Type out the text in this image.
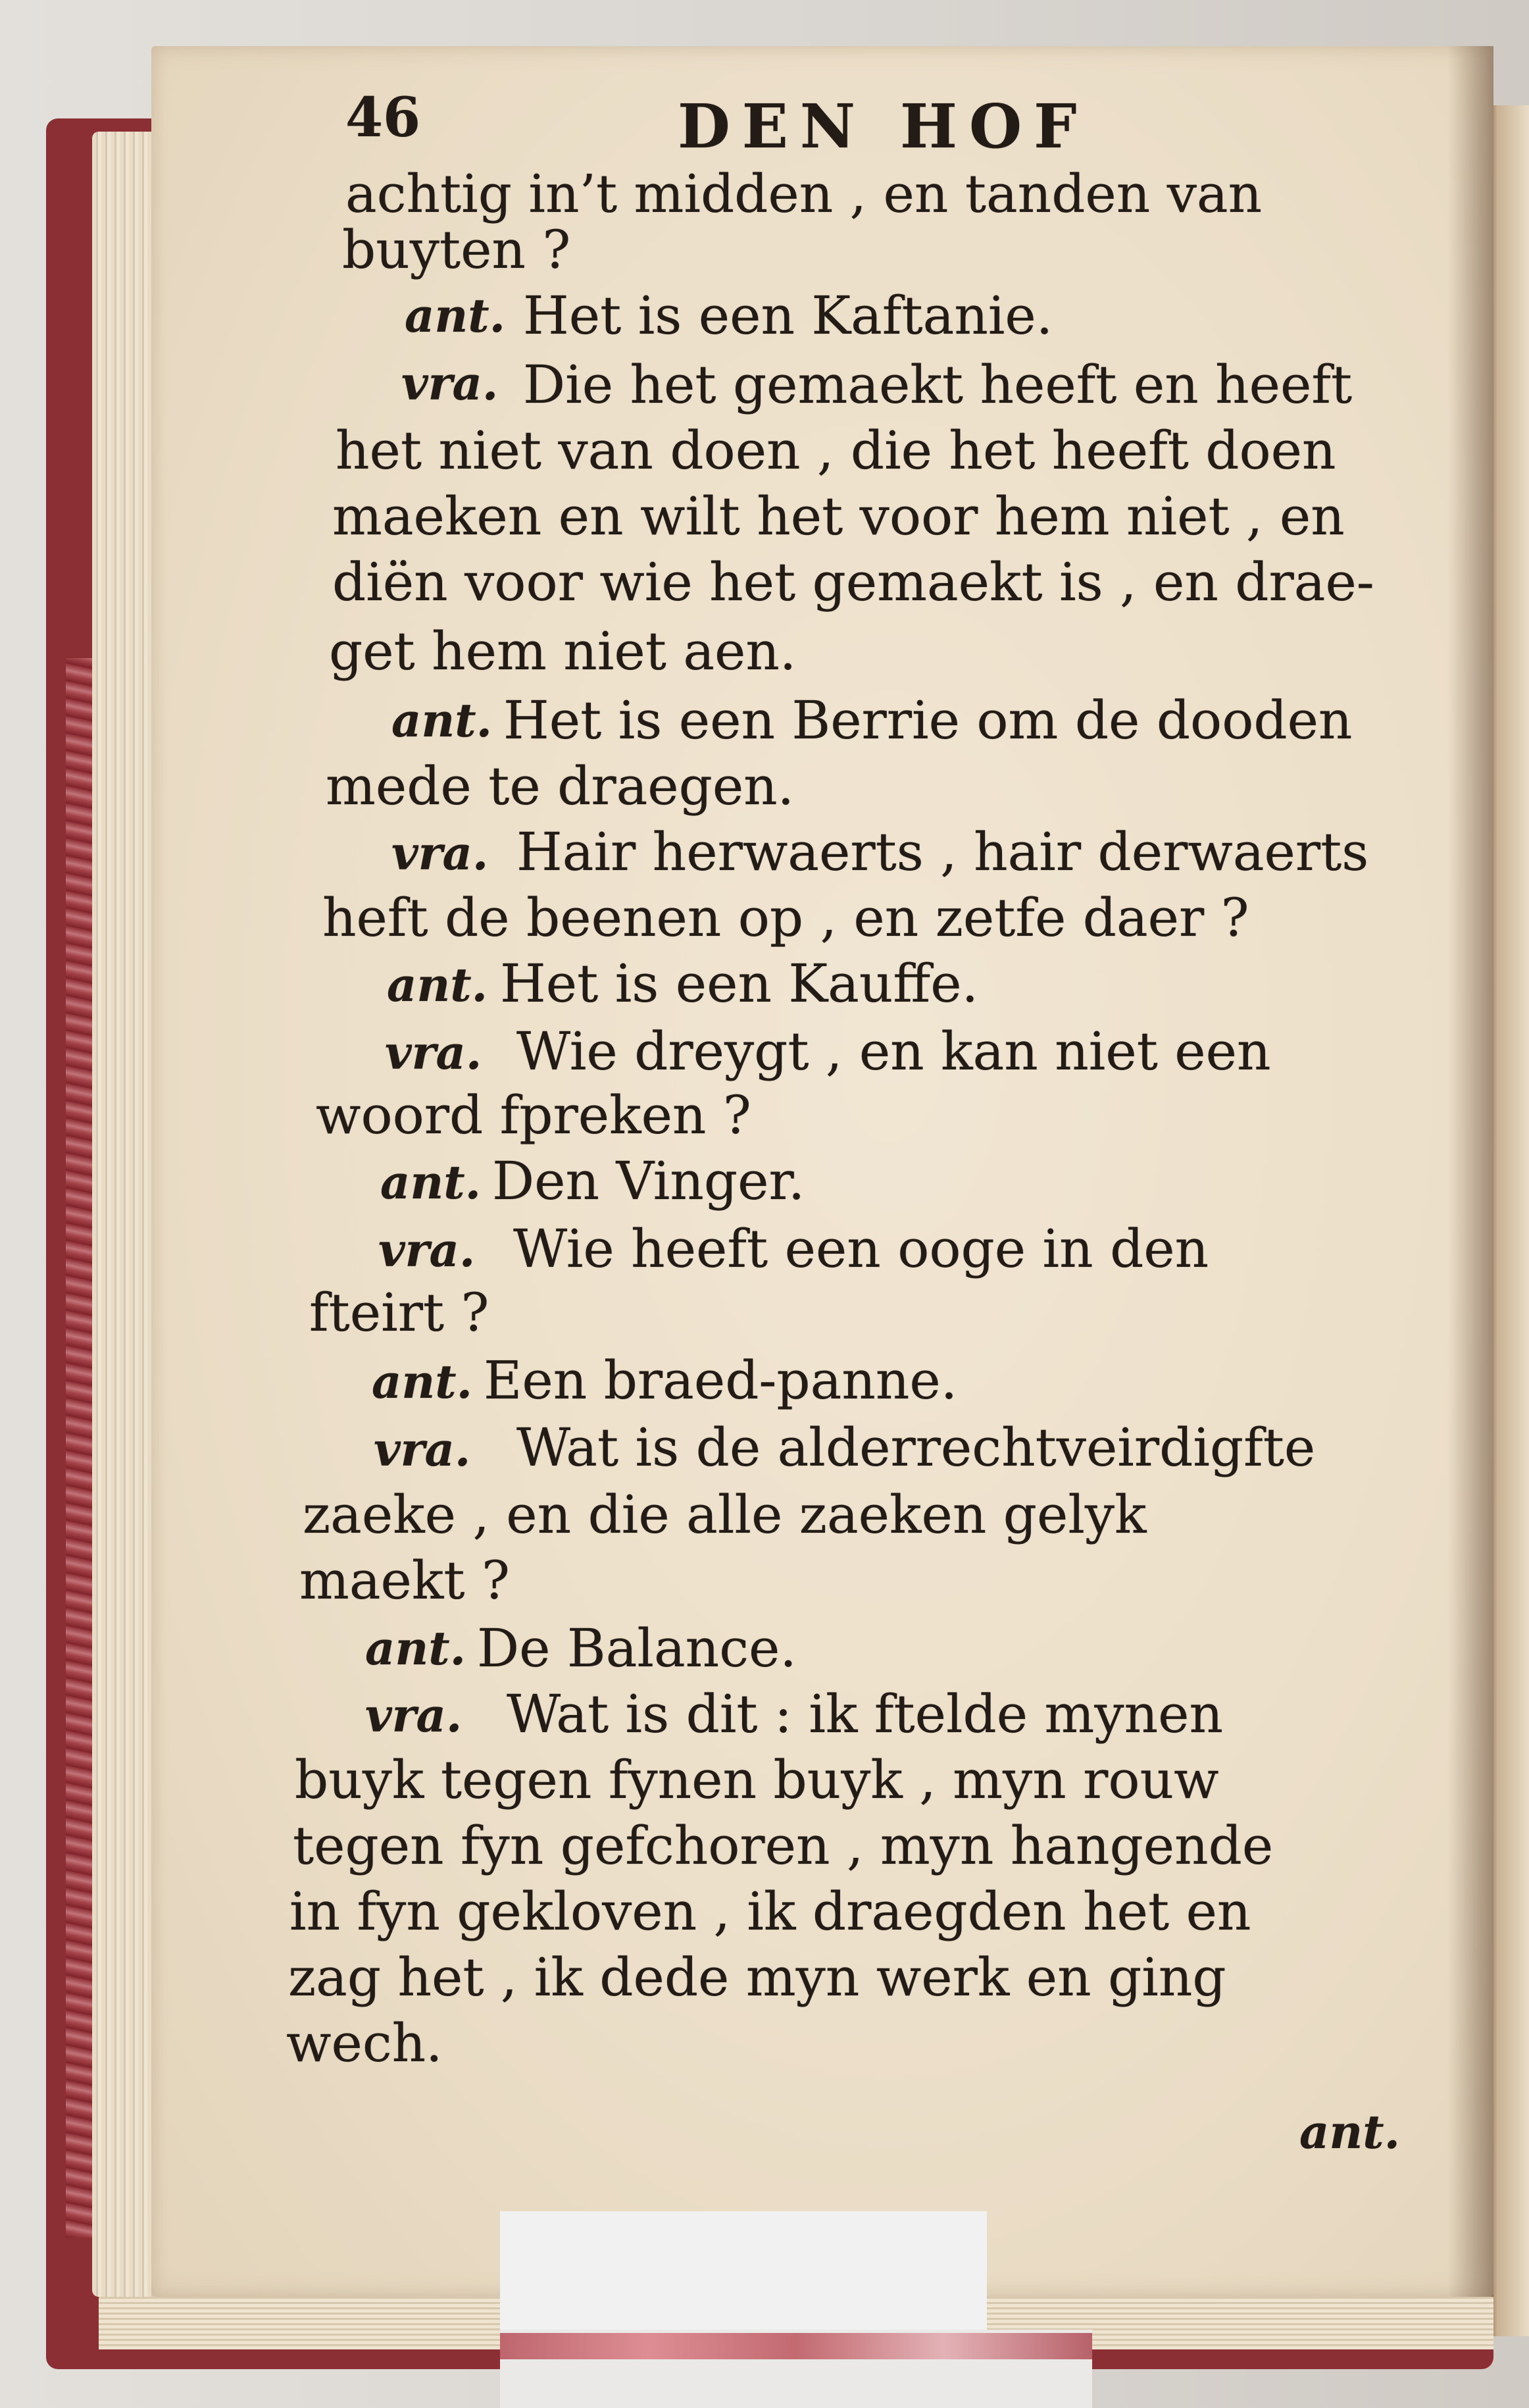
46	DEN HOF
achtig in’t midden , en tanden van
buyten ?
ant. Het is een Kaftanie.
vra. Die het gemaekt heeft en heeft
het niet van doen , die het heeft doen
maeken en wilt het voor hem niet , en
diën voor wie het gemaekt is , en drae-
get hem niet aen.
ant. Het is een Berrie om de dooden
mede te draegen.
vra. Hair herwaerts , hair derwaerts
heft de beenen op , en zetfe daer ?
ant. Het is een Kauffe.
vra. Wie dreygt , en kan niet een
woord fpreken ?
ant. Den Vinger.
vra. Wie heeft een ooge in den
fteirt ?
ant. Een braed-panne.
vra. Wat is de alderrechtveirdigfte
zaeke , en die alle zaeken gelyk
maekt ?
ant. De Balance.
vra. Wat is dit : ik ftelde mynen
buyk tegen fynen buyk , myn rouw
tegen fyn gefchoren , myn hangende
in fyn gekloven , ik draegden het en
zag het , ik dede myn werk en ging
wech.
ant.
